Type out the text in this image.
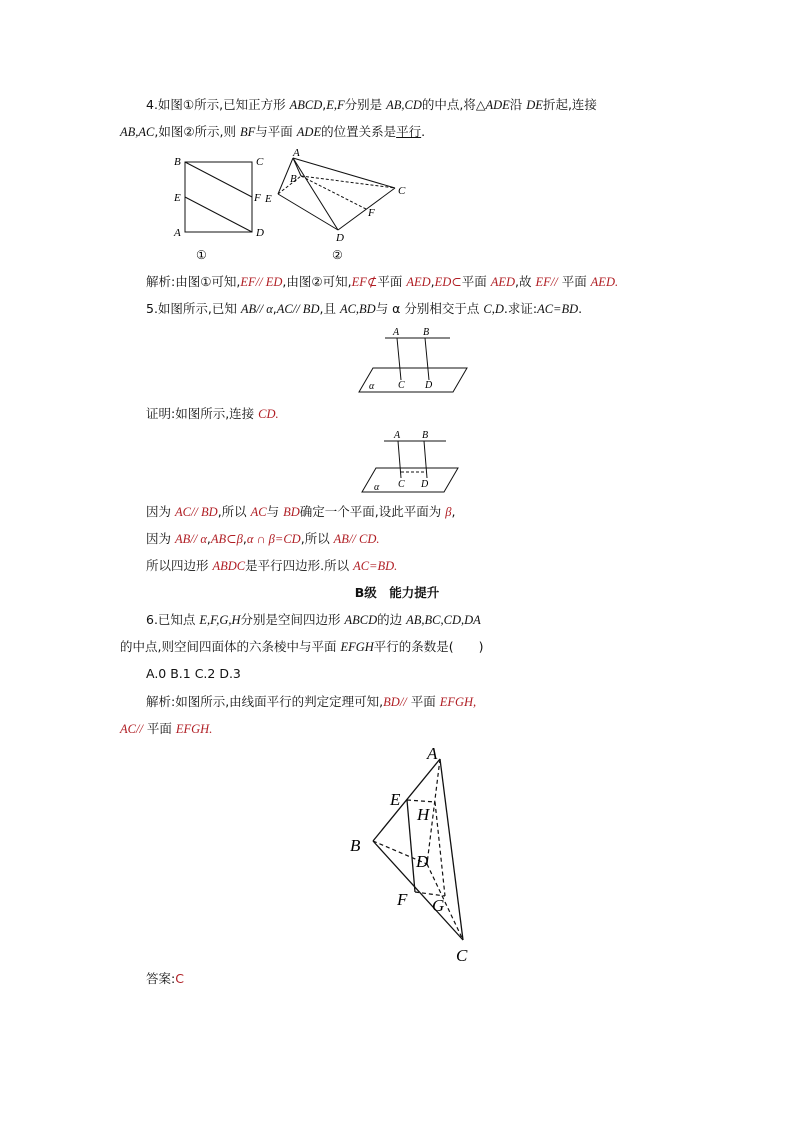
4.如图①所示,已知正方形 ABCD,E,F分别是 AB,CD的中点,将△ADE沿 DE折起,连接
AB,AC,如图②所示,则 BF与平面 ADE的位置关系是平行.
B	C
E	F
A	D
①
A
B
E
C
F
D
②
解析:由图①可知,EF// ED,由图②可知,EF⊄平面 AED,ED⊂平面 AED,故 EF// 平面 AED.
5.如图所示,已知 AB// α,AC// BD,且 AC,BD与 α 分别相交于点 C,D.求证:AC=BD.
A B
α C D
证明:如图所示,连接 CD.
A B
α C D
因为 AC// BD,所以 AC与 BD确定一个平面,设此平面为 β,
因为 AB// α,AB⊂β,α ∩ β=CD,所以 AB// CD.
所以四边形 ABDC是平行四边形.所以 AC=BD.
B级　能力提升
6.已知点 E,F,G,H分别是空间四边形 ABCD的边 AB,BC,CD,DA
的中点,则空间四面体的六条棱中与平面 EFGH平行的条数是(　　)
A.0 B.1 C.2 D.3
解析:如图所示,由线面平行的判定定理可知,BD// 平面 EFGH,
AC// 平面 EFGH.
A
E
H
B
D
F G
C
答案:C
